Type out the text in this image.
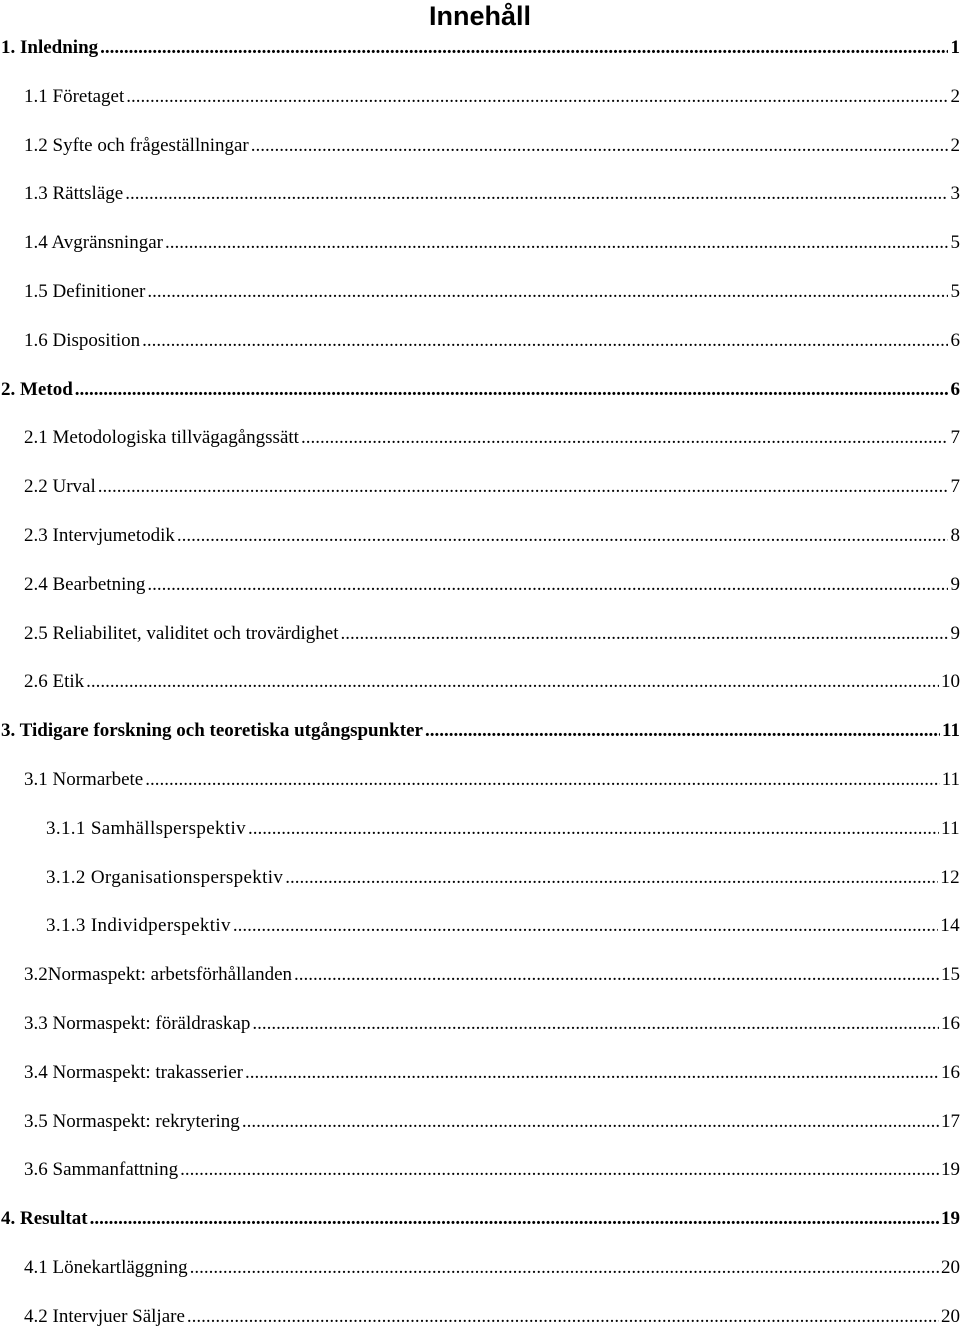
Innehåll
1. Inledning .....	1
1.1 Företaget .....	2
1.2 Syfte och frågeställningar .....	2
1.3 Rättsläge .....	3
1.4 Avgränsningar .....	5
1.5 Definitioner .....	5
1.6 Disposition .....	6
2. Metod .....	6
2.1 Metodologiska tillvägagångssätt .....	7
2.2 Urval .....	7
2.3 Intervjumetodik .....	8
2.4 Bearbetning .....	9
2.5 Reliabilitet, validitet och trovärdighet .....	9
2.6 Etik .....	10
3. Tidigare forskning och teoretiska utgångspunkter .....	11
3.1 Normarbete .....	11
3.1.1 Samhällsperspektiv .....	11
3.1.2 Organisationsperspektiv .....	12
3.1.3 Individperspektiv .....	14
3.2Normaspekt: arbetsförhållanden .....	15
3.3 Normaspekt: föräldraskap .....	16
3.4 Normaspekt: trakasserier .....	16
3.5 Normaspekt: rekrytering .....	17
3.6 Sammanfattning .....	19
4. Resultat .....	19
4.1 Lönekartläggning .....	20
4.2 Intervjuer Säljare .....	20
